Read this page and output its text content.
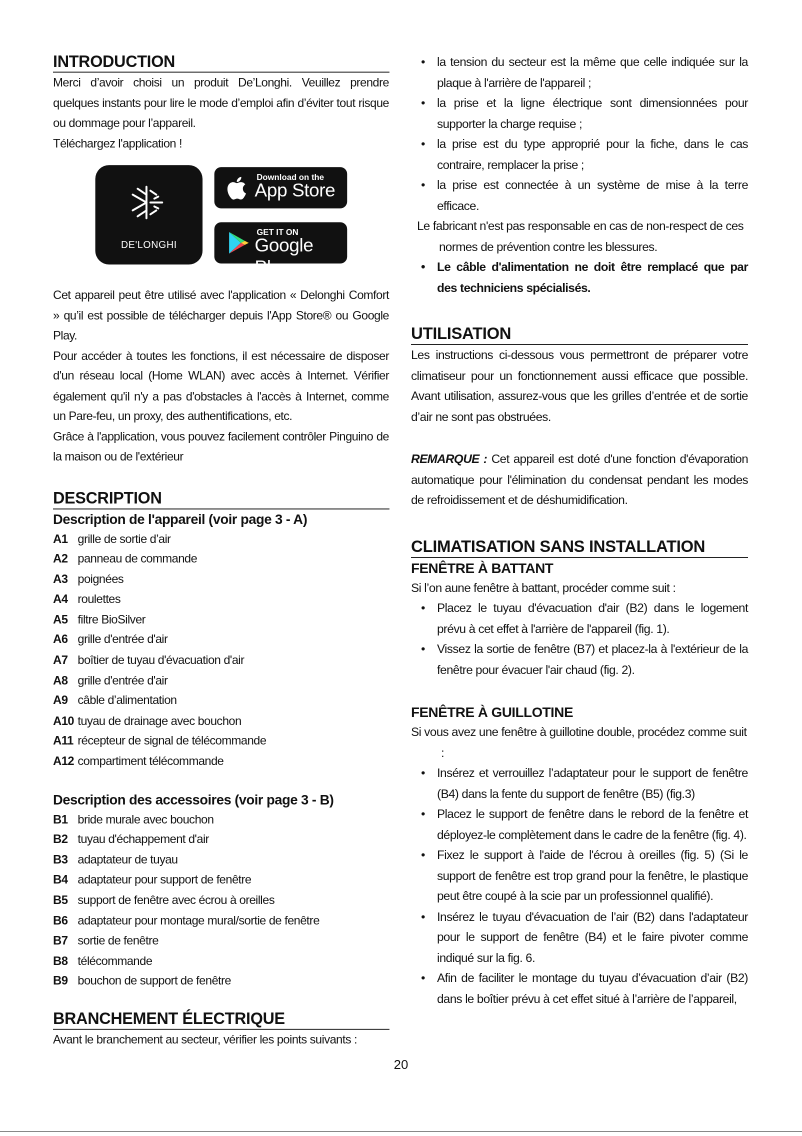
INTRODUCTION

Merci d’avoir choisi un produit De’Longhi. Veuillez prendre quelques instants pour lire le mode d’emploi afin d’éviter tout risque ou dommage pour l’appareil.

Téléchargez l'application !

DE'LONGHI
Download on the
App Store
GET IT ON
Google Play

Cet appareil peut être utilisé avec l'application « Delonghi Comfort » qu’il est possible de télécharger depuis l'App Store® ou Google Play.

Pour accéder à toutes les fonctions, il est nécessaire de disposer d'un réseau local (Home WLAN) avec accès à Internet. Vérifier également qu'il n'y a pas d'obstacles à l'accès à Internet, comme un Pare-feu, un proxy, des authentifications, etc.

Grâce à l'application, vous pouvez facilement contrôler Pinguino de la maison ou de l'extérieur

DESCRIPTION
Description de l'appareil (voir page 3 - A)
A1 grille de sortie d’air
A2 panneau de commande
A3 poignées
A4 roulettes
A5 filtre BioSilver
A6 grille d'entrée d'air
A7 boîtier de tuyau d'évacuation d'air
A8 grille d'entrée d'air
A9 câble d’alimentation
A10 tuyau de drainage avec bouchon
A11 récepteur de signal de télécommande
A12 compartiment télécommande
Description des accessoires (voir page 3 - B)
B1 bride murale avec bouchon
B2 tuyau d'échappement d'air
B3 adaptateur de tuyau
B4 adaptateur pour support de fenêtre
B5 support de fenêtre avec écrou à oreilles
B6 adaptateur pour montage mural/sortie de fenêtre
B7 sortie de fenêtre
B8 télécommande
B9 bouchon de support de fenêtre
BRANCHEMENT ÉLECTRIQUE

Avant le branchement au secteur, vérifier les points suivants :

• la tension du secteur est la même que celle indiquée sur la plaque à l'arrière de l'appareil ;

• la prise et la ligne électrique sont dimensionnées pour supporter la charge requise ;

• la prise est du type approprié pour la fiche, dans le cas contraire, remplacer la prise ;

• la prise est connectée à un système de mise à la terre efficace.

Le fabricant n'est pas responsable en cas de non-respect de ces normes de prévention contre les blessures.

• Le câble d'alimentation ne doit être remplacé que par des techniciens spécialisés.

UTILISATION

Les instructions ci-dessous vous permettront de préparer votre climatiseur pour un fonctionnement aussi efficace que possible. Avant utilisation, assurez-vous que les grilles d’entrée et de sortie d’air ne sont pas obstruées.

REMARQUE : Cet appareil est doté d'une fonction d'évaporation automatique pour l'élimination du condensat pendant les modes de refroidissement et de déshumidification.

CLIMATISATION SANS INSTALLATION
FENÊTRE À BATTANT

Si l’on aune fenêtre à battant, procéder comme suit :

• Placez le tuyau d'évacuation d'air (B2) dans le logement prévu à cet effet à l'arrière de l'appareil (fig. 1).

• Vissez la sortie de fenêtre (B7) et placez-la à l'extérieur de la fenêtre pour évacuer l'air chaud (fig. 2).

FENÊTRE À GUILLOTINE

Si vous avez une fenêtre à guillotine double, procédez comme suit :

• Insérez et verrouillez l’adaptateur pour le support de fenêtre (B4) dans la fente du support de fenêtre (B5) (fig.3)

• Placez le support de fenêtre dans le rebord de la fenêtre et déployez-le complètement dans le cadre de la fenêtre (fig. 4).

• Fixez le support à l'aide de l'écrou à oreilles (fig. 5) (Si le support de fenêtre est trop grand pour la fenêtre, le plastique peut être coupé à la scie par un professionnel qualifié).

• Insérez le tuyau d'évacuation de l’air (B2) dans l'adaptateur pour le support de fenêtre (B4) et le faire pivoter comme indiqué sur la fig. 6.

• Afin de faciliter le montage du tuyau d’évacuation d’air (B2) dans le boîtier prévu à cet effet situé à l’arrière de l’appareil,

20
